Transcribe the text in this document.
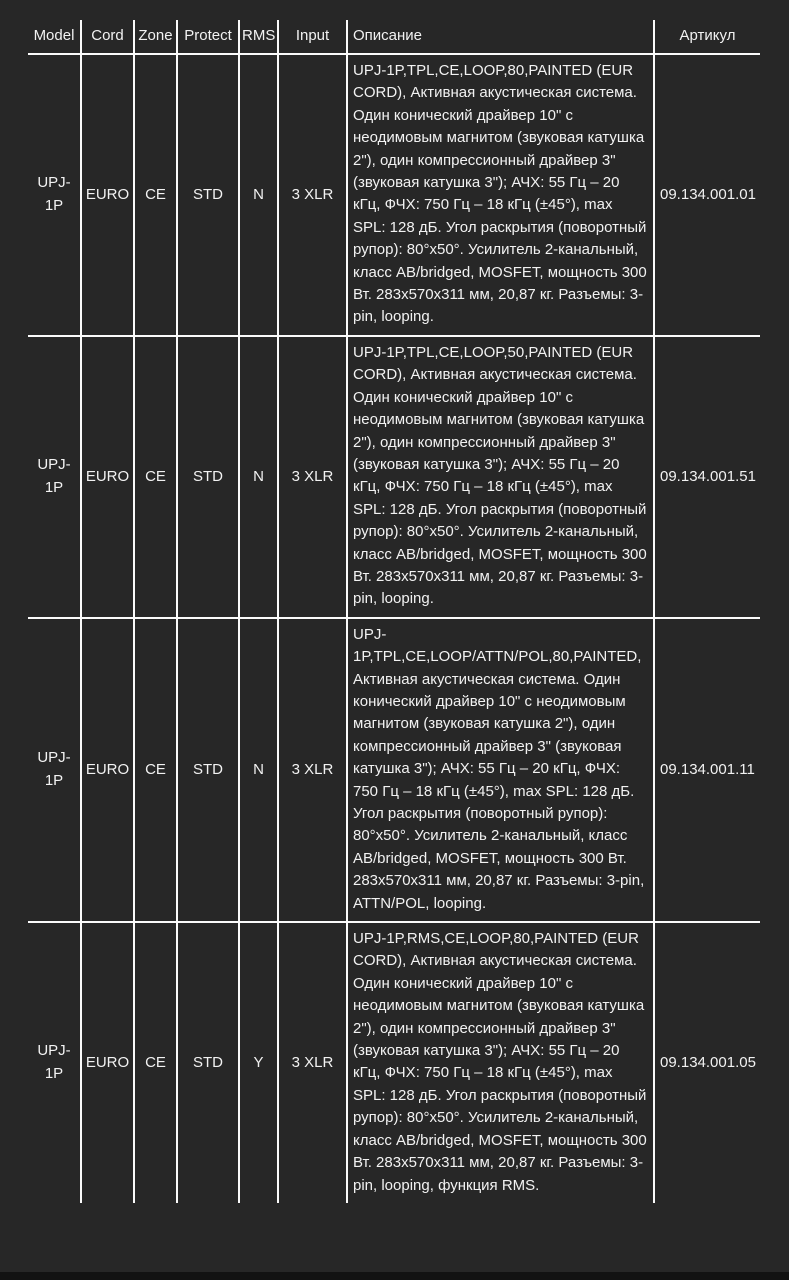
Model	Cord	Zone	Protect	RMS	Input	Описание	Артикул
UPJ-1P	EURO	CE	STD	N	3 XLR	UPJ-1P,TPL,CE,LOOP,80,PAINTED (EUR CORD), Активная акустическая система. Один конический драйвер 10" с неодимовым магнитом (звуковая катушка 2"), один компрессионный драйвер 3" (звуковая катушка 3"); АЧХ: 55 Гц – 20 кГц, ФЧХ: 750 Гц – 18 кГц (±45°), max SPL: 128 дБ. Угол раскрытия (поворотный рупор): 80°х50°. Усилитель 2-канальный, класс AB/bridged, MOSFET, мощность 300 Вт. 283х570х311 мм, 20,87 кг. Разъемы: 3-pin, looping.	09.134.001.01
UPJ-1P	EURO	CE	STD	N	3 XLR	UPJ-1P,TPL,CE,LOOP,50,PAINTED (EUR CORD), Активная акустическая система. Один конический драйвер 10" с неодимовым магнитом (звуковая катушка 2"), один компрессионный драйвер 3" (звуковая катушка 3"); АЧХ: 55 Гц – 20 кГц, ФЧХ: 750 Гц – 18 кГц (±45°), max SPL: 128 дБ. Угол раскрытия (поворотный рупор): 80°х50°. Усилитель 2-канальный, класс AB/bridged, MOSFET, мощность 300 Вт. 283х570х311 мм, 20,87 кг. Разъемы: 3-pin, looping.	09.134.001.51
UPJ-1P	EURO	CE	STD	N	3 XLR	UPJ-1P,TPL,CE,LOOP/ATTN/POL,80,PAINTED, Активная акустическая система. Один конический драйвер 10" с неодимовым магнитом (звуковая катушка 2"), один компрессионный драйвер 3" (звуковая катушка 3"); АЧХ: 55 Гц – 20 кГц, ФЧХ: 750 Гц – 18 кГц (±45°), max SPL: 128 дБ. Угол раскрытия (поворотный рупор): 80°х50°. Усилитель 2-канальный, класс AB/bridged, MOSFET, мощность 300 Вт. 283х570х311 мм, 20,87 кг. Разъемы: 3-pin, ATTN/POL, looping.	09.134.001.11
UPJ-1P	EURO	CE	STD	Y	3 XLR	UPJ-1P,RMS,CE,LOOP,80,PAINTED (EUR CORD), Активная акустическая система. Один конический драйвер 10" с неодимовым магнитом (звуковая катушка 2"), один компрессионный драйвер 3" (звуковая катушка 3"); АЧХ: 55 Гц – 20 кГц, ФЧХ: 750 Гц – 18 кГц (±45°), max SPL: 128 дБ. Угол раскрытия (поворотный рупор): 80°х50°. Усилитель 2-канальный, класс AB/bridged, MOSFET, мощность 300 Вт. 283х570х311 мм, 20,87 кг. Разъемы: 3-pin, looping, функция RMS.	09.134.001.05
